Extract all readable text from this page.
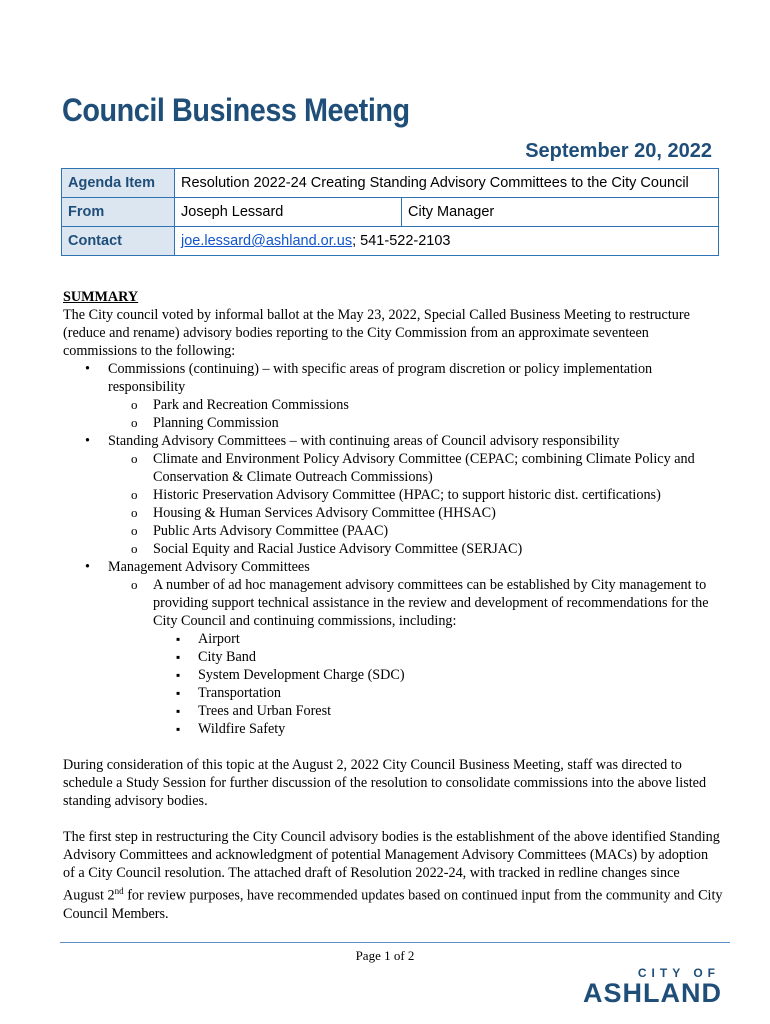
Council Business Meeting
September 20, 2022
Agenda Item	Resolution 2022-24 Creating Standing Advisory Committees to the City Council	
From	Joseph Lessard	City Manager
Contact	joe.lessard@ashland.or.us; 541-522-2103	

SUMMARY

The City council voted by informal ballot at the May 23, 2022, Special Called Business Meeting to restructure (reduce and rename) advisory bodies reporting to the City Commission from an approximate seventeen commissions to the following:

• Commissions (continuing) – with specific areas of program discretion or policy implementation responsibility
o Park and Recreation Commissions
o Planning Commission
• Standing Advisory Committees – with continuing areas of Council advisory responsibility
o Climate and Environment Policy Advisory Committee (CEPAC; combining Climate Policy and Conservation & Climate Outreach Commissions)
o Historic Preservation Advisory Committee (HPAC; to support historic dist. certifications)
o Housing & Human Services Advisory Committee (HHSAC)
o Public Arts Advisory Committee (PAAC)
o Social Equity and Racial Justice Advisory Committee (SERJAC)
• Management Advisory Committees
o A number of ad hoc management advisory committees can be established by City management to providing support technical assistance in the review and development of recommendations for the City Council and continuing commissions, including:
▪ Airport
▪ City Band
▪ System Development Charge (SDC)
▪ Transportation
▪ Trees and Urban Forest
▪ Wildfire Safety

During consideration of this topic at the August 2, 2022 City Council Business Meeting, staff was directed to schedule a Study Session for further discussion of the resolution to consolidate commissions into the above listed standing advisory bodies.

The first step in restructuring the City Council advisory bodies is the establishment of the above identified Standing Advisory Committees and acknowledgment of potential Management Advisory Committees (MACs) by adoption of a City Council resolution. The attached draft of Resolution 2022-24, with tracked in redline changes since August 2nd for review purposes, have recommended updates based on continued input from the community and City Council Members.

Page 1 of 2
CITY OF
ASHLAND
